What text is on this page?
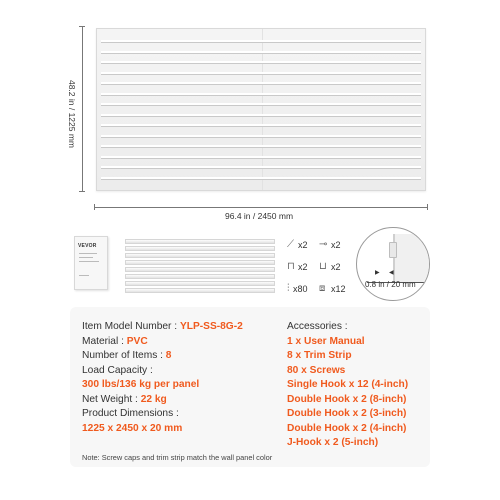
48.2 in / 1225 mm
96.4 in / 2450 mm
VEVOR	⟋ x2 ⊸ x2
⊓ x2 ⊔ x2
⫶ x80 ⧈ x12
▶ ◀
0.8 in / 20 mm
Item Model Number : YLP-SS-8G-2
Material : PVC
Number of Items : 8
Load Capacity :
300 lbs/136 kg per panel
Net Weight : 22 kg
Product Dimensions :
1225 x 2450 x 20 mm
Accessories :
1 x User Manual
8 x Trim Strip
80 x Screws
Single Hook x 12 (4-inch)
Double Hook x 2 (8-inch)
Double Hook x 2 (3-inch)
Double Hook x 2 (4-inch)
J-Hook x 2 (5-inch)
Note: Screw caps and trim strip match the wall panel color
